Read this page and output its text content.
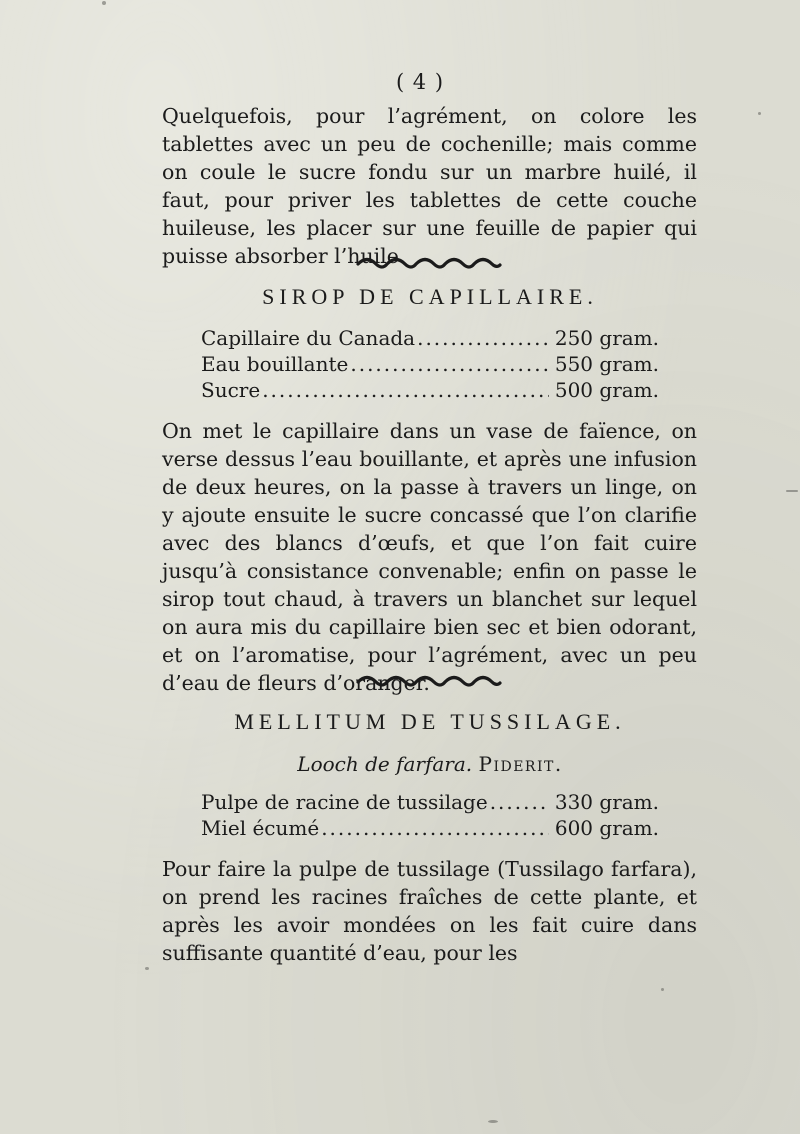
( 4 )

Quelquefois, pour l’agrément, on colore les tablettes avec un peu de cochenille; mais comme on coule le sucre fondu sur un marbre huilé, il faut, pour priver les tablettes de cette couche huileuse, les placer sur une feuille de papier qui puisse absorber l’huile.

SIROP DE CAPILLAIRE.
Capillaire du Canada .....	250 gram.
Eau bouillante .....	550 gram.
Sucre .....	500 gram.

On met le capillaire dans un vase de faïence, on verse dessus l’eau bouillante, et après une infusion de deux heures, on la passe à travers un linge, on y ajoute ensuite le sucre concassé que l’on clarifie avec des blancs d’œufs, et que l’on fait cuire jusqu’à consistance convenable; enfin on passe le sirop tout chaud, à travers un blanchet sur lequel on aura mis du capillaire bien sec et bien odorant, et on l’aromatise, pour l’agrément, avec un peu d’eau de fleurs d’oranger.

MELLITUM DE TUSSILAGE.
Looch de farfara. Piderit.
Pulpe de racine de tussilage .....	330 gram.
Miel écumé .....	600 gram.

Pour faire la pulpe de tussilage (Tussilago farfara), on prend les racines fraîches de cette plante, et après les avoir mondées on les fait cuire dans suffisante quantité d’eau, pour les
